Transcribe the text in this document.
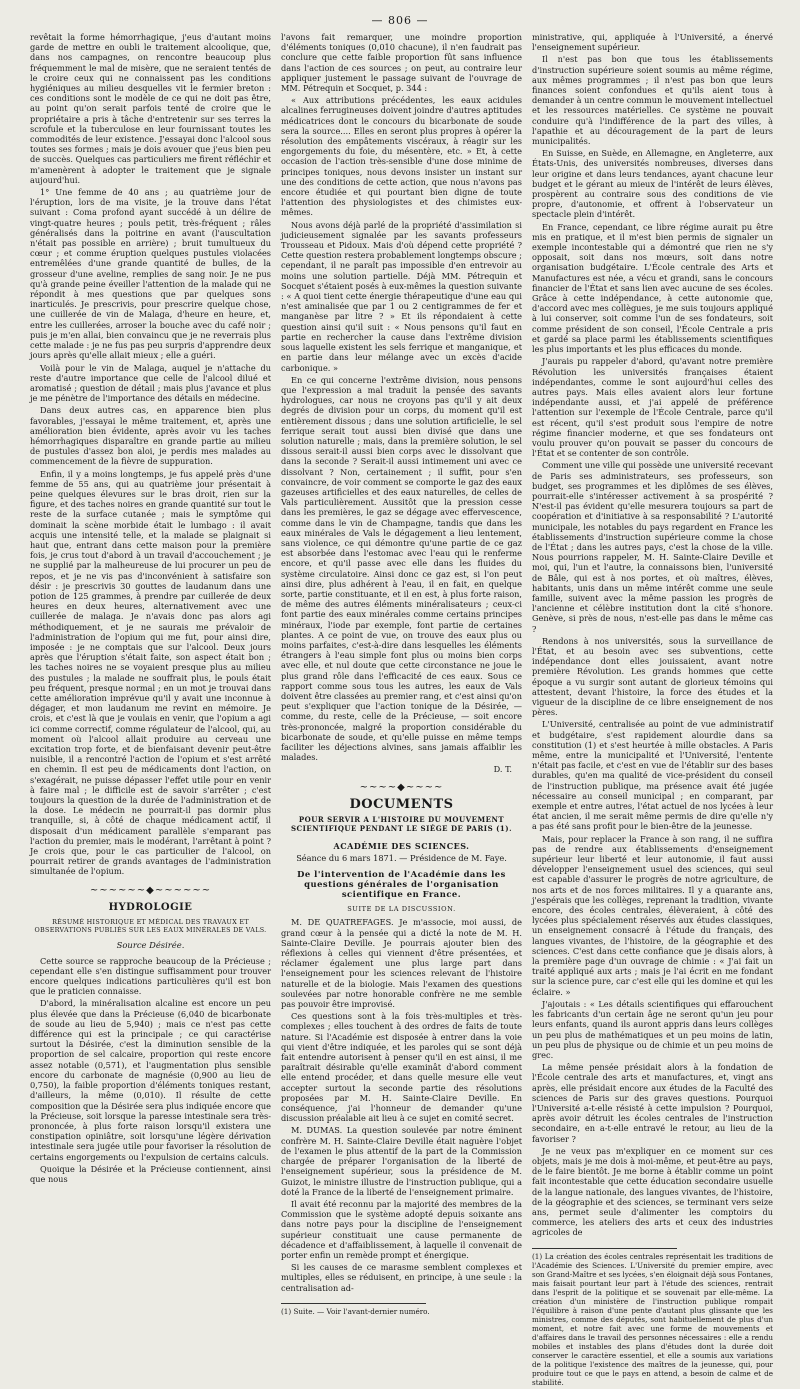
— 806 —

revêtait la forme hémorrhagique, j'eus d'autant moins garde de mettre en oubli le traitement alcoolique, que, dans nos campagnes, on rencontre beaucoup plus fréquemment le mal de misère, que ne seraient tentés de le croire ceux qui ne connaissent pas les conditions hygiéniques au milieu desquelles vit le fermier breton : ces conditions sont le modèle de ce qui ne doit pas être, au point qu'on serait parfois tenté de croire que le propriétaire a pris à tâche d'entretenir sur ses terres la scrofule et la tuberculose en leur fournissant toutes les commodités de leur existence. J'essayai donc l'alcool sous toutes ses formes ; mais je dois avouer que j'eus bien peu de succès. Quelques cas particuliers me firent réfléchir et m'amenèrent à adopter le traitement que je signale aujourd'hui.

1° Une femme de 40 ans ; au quatrième jour de l'éruption, lors de ma visite, je la trouve dans l'état suivant : Coma profond ayant succédé à un délire de vingt-quatre heures ; pouls petit, très-fréquent ; râles généralisés dans la poitrine en avant (l'auscultation n'était pas possible en arrière) ; bruit tumultueux du cœur ; et comme éruption quelques pustules violacées entremêlées d'une grande quantité de bulles, de la grosseur d'une aveline, remplies de sang noir. Je ne pus qu'à grande peine éveiller l'attention de la malade qui ne répondit à mes questions que par quelques sons inarticulés. Je prescrivis, pour prescrire quelque chose, une cuillerée de vin de Malaga, d'heure en heure, et, entre les cuillerées, arroser la bouche avec du café noir ; puis je m'en allai, bien convaincu que je ne reverrais plus cette malade : je ne fus pas peu surpris d'apprendre deux jours après qu'elle allait mieux ; elle a guéri.

Voilà pour le vin de Malaga, auquel je n'attache du reste d'autre importance que celle de l'alcool dilué et aromatisé ; question de détail ; mais plus j'avance et plus je me pénètre de l'importance des détails en médecine.

Dans deux autres cas, en apparence bien plus favorables, j'essayai le même traitement, et, après une amélioration bien évidente, après avoir vu les taches hémorrhagiques disparaître en grande partie au milieu de pustules d'assez bon aloi, je perdis mes malades au commencement de la fièvre de suppuration.

Enfin, il y a moins longtemps, je fus appelé près d'une femme de 55 ans, qui au quatrième jour présentait à peine quelques élevures sur le bras droit, rien sur la figure, et des taches noires en grande quantité sur tout le reste de la surface cutanée ; mais le symptôme qui dominait la scène morbide était le lumbago : il avait acquis une intensité telle, et la malade se plaignait si haut que, entrant dans cette maison pour la première fois, je crus tout d'abord à un travail d'accouchement ; je ne supplié par la malheureuse de lui procurer un peu de repos, et je ne vis pas d'inconvénient à satisfaire son désir : je prescrivis 30 gouttes de laudanum dans une potion de 125 grammes, à prendre par cuillerée de deux heures en deux heures, alternativement avec une cuillerée de malaga. Je n'avais donc pas alors agi méthodiquement, et je ne saurais me prévaloir de l'administration de l'opium qui me fut, pour ainsi dire, imposée : je ne comptais que sur l'alcool. Deux jours après que l'éruption s'était faite, son aspect était bon ; les taches noires ne se voyaient presque plus au milieu des pustules ; la malade ne souffrait plus, le pouls était peu fréquent, presque normal ; en un mot je trouvai dans cette amélioration imprévue qu'il y avait une inconnue à dégager, et mon laudanum me revint en mémoire. Je crois, et c'est là que je voulais en venir, que l'opium a agi ici comme correctif, comme régulateur de l'alcool, qui, au moment où l'alcool allait produire au cerveau une excitation trop forte, et de bienfaisant devenir peut-être nuisible, il a rencontré l'action de l'opium et s'est arrêté en chemin. Il est peu de médicaments dont l'action, on s'exagérait, ne puisse dépasser l'effet utile pour en venir à faire mal ; le difficile est de savoir s'arrêter ; c'est toujours la question de la durée de l'administration et de la dose. Le médecin ne pourrait-il pas dormir plus tranquille, si, à côté de chaque médicament actif, il disposait d'un médicament parallèle s'emparant pas l'action du premier, mais le modérant, l'arrêtant à point ? Je crois que, pour le cas particulier de l'alcool, on pourrait retirer de grands avantages de l'administration simultanée de l'opium.

~~~~~~◆~~~~~~
HYDROLOGIE
RÉSUMÉ HISTORIQUE ET MÉDICAL DES TRAVAUX ET OBSERVATIONS PUBLIÉS SUR LES EAUX MINÉRALES DE VALS.
Source Désirée.

Cette source se rapproche beaucoup de la Précieuse ; cependant elle s'en distingue suffisamment pour trouver encore quelques indications particulières qu'il est bon que le praticien connaisse.

D'abord, la minéralisation alcaline est encore un peu plus élevée que dans la Précieuse (6,040 de bicarbonate de soude au lieu de 5,940) ; mais ce n'est pas cette différence qui est la principale ; ce qui caractérise surtout la Désirée, c'est la diminution sensible de la proportion de sel calcaire, proportion qui reste encore assez notable (0,571), et l'augmentation plus sensible encore du carbonate de magnésie (0,900 au lieu de 0,750), la faible proportion d'éléments toniques restant, d'ailleurs, la même (0,010). Il résulte de cette composition que la Désirée sera plus indiquée encore que la Précieuse, soit lorsque la paresse intestinale sera très-prononcée, à plus forte raison lorsqu'il existera une constipation opiniâtre, soit lorsqu'une légère dérivation intestinale sera jugée utile pour favoriser la résolution de certains engorgements ou l'expulsion de certains calculs.

Quoique la Désirée et la Précieuse contiennent, ainsi que nous

l'avons fait remarquer, une moindre proportion d'éléments toniques (0,010 chacune), il n'en faudrait pas conclure que cette faible proportion fût sans influence dans l'action de ces sources ; on peut, au contraire leur appliquer justement le passage suivant de l'ouvrage de MM. Pétrequin et Socquet, p. 344 :

« Aux attributions précédentes, les eaux acidules alcalines ferrugineuses doivent joindre d'autres aptitudes médicatrices dont le concours du bicarbonate de soude sera la source.... Elles en seront plus propres à opérer la résolution des empâtements viscéraux, à réagir sur les engorgements du foie, du mésentère, etc. » Et, à cette occasion de l'action très-sensible d'une dose minime de principes toniques, nous devons insister un instant sur une des conditions de cette action, que nous n'avons pas encore étudiée et qui pourtant bien digne de toute l'attention des physiologistes et des chimistes eux-mêmes.

Nous avons déjà parlé de la propriété d'assimilation si judicieusement signalée par les savants professeurs Trousseau et Pidoux. Mais d'où dépend cette propriété ? Cette question restera probablement longtemps obscure ; cependant, il ne paraît pas impossible d'en entrevoir au moins une solution partielle. Déjà MM. Pétrequin et Socquet s'étaient posés à eux-mêmes la question suivante : « A quoi tient cette énergie thérapeutique d'une eau qui n'est aminalisée que par 1 ou 2 centigrammes de fer et manganèse par litre ? » Et ils répondaient à cette question ainsi qu'il suit : « Nous pensons qu'il faut en partie en rechercher la cause dans l'extrême division sous laquelle existent les sels ferrique et manganique, et en partie dans leur mélange avec un excès d'acide carbonique. »

En ce qui concerne l'extrême division, nous pensons que l'expression a mal traduit la pensée des savants hydrologues, car nous ne croyons pas qu'il y ait deux degrés de division pour un corps, du moment qu'il est entièrement dissous ; dans une solution artificielle, le sel ferrique serait tout aussi bien divisé que dans une solution naturelle ; mais, dans la première solution, le sel dissous serait-il aussi bien corps avec le dissolvant que dans la seconde ? Serait-il aussi intimement uni avec ce dissolvant ? Non, certainement ; il suffit, pour s'en convaincre, de voir comment se comporte le gaz des eaux gazeuses artificielles et des eaux naturelles, de celles de Vals particulièrement. Aussitôt que la pression cesse dans les premières, le gaz se dégage avec effervescence, comme dans le vin de Champagne, tandis que dans les eaux minérales de Vals le dégagement a lieu lentement, sans violence, ce qui démontre qu'une partie de ce gaz est absorbée dans l'estomac avec l'eau qui le renferme encore, et qu'il passe avec elle dans les fluides du système circulatoire. Ainsi donc ce gaz est, si l'on peut ainsi dire, plus adhérent à l'eau, il en fait, en quelque sorte, partie constituante, et il en est, à plus forte raison, de même des autres éléments minéralisateurs ; ceux-ci font partie des eaux minérales comme certains principes minéraux, l'iode par exemple, font partie de certaines plantes. A ce point de vue, on trouve des eaux plus ou moins parfaites, c'est-à-dire dans lesquelles les éléments étrangers à l'eau simple font plus ou moins bien corps avec elle, et nul doute que cette circonstance ne joue le plus grand rôle dans l'efficacité de ces eaux. Sous ce rapport comme sous tous les autres, les eaux de Vals doivent être classées au premier rang, et c'est ainsi qu'on peut s'expliquer que l'action tonique de la Désirée, — comme, du reste, celle de la Précieuse, — soit encore très-prononcée, malgré la proportion considérable du bicarbonate de soude, et qu'elle puisse en même temps faciliter les déjections alvines, sans jamais affaiblir les malades.

D. T.
~~~~◆~~~~
DOCUMENTS
POUR SERVIR A L'HISTOIRE DU MOUVEMENT SCIENTIFIQUE PENDANT LE SIÉGE DE PARIS (1).
ACADÉMIE DES SCIENCES.
Séance du 6 mars 1871. — Présidence de M. Faye.
De l'intervention de l'Académie dans les questions générales de l'organisation scientifique en France.
SUITE DE LA DISCUSSION.

M. DE QUATREFAGES. Je m'associe, moi aussi, de grand cœur à la pensée qui a dicté la note de M. H. Sainte-Claire Deville. Je pourrais ajouter bien des réflexions à celles qui viennent d'être présentées, et réclamer également une plus large part dans l'enseignement pour les sciences relevant de l'histoire naturelle et de la biologie. Mais l'examen des questions soulevées par notre honorable confrère ne me semble pas pouvoir être improvisé.

Ces questions sont à la fois très-multiples et très-complexes ; elles touchent à des ordres de faits de toute nature. Si l'Académie est disposée à entrer dans la voie qui vient d'être indiquée, et les paroles qui se sont déjà fait entendre autorisent à penser qu'il en est ainsi, il me paraîtrait désirable qu'elle examinât d'abord comment elle entend procéder, et dans quelle mesure elle veut accepter surtout la seconde partie des résolutions proposées par M. H. Sainte-Claire Deville. En conséquence, j'ai l'honneur de demander qu'une discussion préalable ait lieu à ce sujet en comité secret.

M. DUMAS. La question soulevée par notre éminent confrère M. H. Sainte-Claire Deville était naguère l'objet de l'examen le plus attentif de la part de la Commission chargée de préparer l'organisation de la liberté de l'enseignement supérieur, sous la présidence de M. Guizot, le ministre illustre de l'instruction publique, qui a doté la France de la liberté de l'enseignement primaire.

Il avait été reconnu par la majorité des membres de la Commission que le système adopté depuis soixante ans dans notre pays pour la discipline de l'enseignement supérieur constituait une cause permanente de décadence et d'affaiblissement, à laquelle il convenait de porter enfin un remède prompt et énergique.

Si les causes de ce marasme semblent complexes et multiples, elles se réduisent, en principe, à une seule : la centralisation ad-

(1) Suite. — Voir l'avant-dernier numéro.

ministrative, qui, appliquée à l'Université, a énervé l'enseignement supérieur.

Il n'est pas bon que tous les établissements d'instruction supérieure soient soumis au même régime, aux mêmes programmes ; il n'est pas bon que leurs finances soient confondues et qu'ils aient tous à demander à un centre commun le mouvement intellectuel et les ressources matérielles. Ce système ne pouvait conduire qu'à l'indifférence de la part des villes, à l'apathie et au découragement de la part de leurs municipalités.

En Suisse, en Suède, en Allemagne, en Angleterre, aux États-Unis, des universités nombreuses, diverses dans leur origine et dans leurs tendances, ayant chacune leur budget et le gérant au mieux de l'intérêt de leurs élèves, prospèrent au contraire sous des conditions de vie propre, d'autonomie, et offrent à l'observateur un spectacle plein d'intérêt.

En France, cependant, ce libre régime aurait pu être mis en pratique, et il m'est bien permis de signaler un exemple incontestable qui a démontré que rien ne s'y opposait, soit dans nos mœurs, soit dans notre organisation budgétaire. L'École centrale des Arts et Manufactures est née, a vécu et grandi, sans le concours financier de l'État et sans lien avec aucune de ses écoles. Grâce à cette indépendance, à cette autonomie que, d'accord avec mes collègues, je me suis toujours appliqué à lui conserver, soit comme l'un de ses fondateurs, soit comme président de son conseil, l'École Centrale a pris et gardé sa place parmi les établissements scientifiques les plus importants et les plus efficaces du monde.

J'aurais pu rappeler d'abord, qu'avant notre première Révolution les universités françaises étaient indépendantes, comme le sont aujourd'hui celles des autres pays. Mais elles avaient alors leur fortune indépendante aussi, et j'ai appelé de préférence l'attention sur l'exemple de l'École Centrale, parce qu'il est récent, qu'il s'est produit sous l'empire de notre régime financier moderne, et que ses fondateurs ont voulu prouver qu'on pouvait se passer du concours de l'État et se contenter de son contrôle.

Comment une ville qui possède une université recevant de Paris ses administrateurs, ses professeurs, son budget, ses programmes et les diplômes de ses élèves, pourrait-elle s'intéresser activement à sa prospérité ? N'est-il pas évident qu'elle mesurera toujours sa part de coopération et d'initiative à sa responsabilité ? L'autorité municipale, les notables du pays regardent en France les établissements d'instruction supérieure comme la chose de l'État ; dans les autres pays, c'est la chose de la ville. Nous pourrions rappeler, M. H. Sainte-Claire Deville et moi, qui, l'un et l'autre, la connaissons bien, l'université de Bâle, qui est à nos portes, et où maîtres, élèves, habitants, unis dans un même intérêt comme une seule famille, suivent avec la même passion les progrès de l'ancienne et célèbre institution dont la cité s'honore. Genève, si près de nous, n'est-elle pas dans le même cas ?

Rendons à nos universités, sous la surveillance de l'État, et au besoin avec ses subventions, cette indépendance dont elles jouissaient, avant notre première Révolution. Les grands hommes que cette époque a vu surgir sont autant de glorieux témoins qui attestent, devant l'histoire, la force des études et la vigueur de la discipline de ce libre enseignement de nos pères.

L'Université, centralisée au point de vue administratif et budgétaire, s'est rapidement alourdie dans sa constitution (1) et s'est heurtée à mille obstacles. A Paris même, entre la municipalité et l'Université, l'entente n'était pas facile, et c'est en vue de l'établir sur des bases durables, qu'en ma qualité de vice-président du conseil de l'instruction publique, ma présence avait été jugée nécessaire au conseil municipal ; en comparant, par exemple et entre autres, l'état actuel de nos lycées à leur état ancien, il me serait même permis de dire qu'elle n'y a pas été sans profit pour le bien-être de la jeunesse.

Mais, pour replacer la France à son rang, il ne suffira pas de rendre aux établissements d'enseignement supérieur leur liberté et leur autonomie, il faut aussi développer l'enseignement usuel des sciences, qui seul est capable d'assurer le progrès de notre agriculture, de nos arts et de nos forces militaires. Il y a quarante ans, j'espérais que les collèges, reprenant la tradition, vivante encore, des écoles centrales, élèveraient, à côté des lycées plus spécialement réservés aux études classiques, un enseignement consacré à l'étude du français, des langues vivantes, de l'histoire, de la géographie et des sciences. C'est dans cette confiance que je disais alors, à la première page d'un ouvrage de chimie : « J'ai fait un traité appliqué aux arts ; mais je l'ai écrit en me fondant sur la science pure, car c'est elle qui les domine et qui les éclaire. »

J'ajoutais : « Les détails scientifiques qui effarouchent les fabricants d'un certain âge ne seront qu'un jeu pour leurs enfants, quand ils auront appris dans leurs collèges un peu plus de mathématiques et un peu moins de latin, un peu plus de physique ou de chimie et un peu moins de grec.

La même pensée présidait alors à la fondation de l'École centrale des arts et manufactures, et, vingt ans après, elle présidait encore aux études de la Faculté des sciences de Paris sur des graves questions. Pourquoi l'Université a-t-elle résisté à cette impulsion ? Pourquoi, après avoir détruit les écoles centrales de l'instruction secondaire, en a-t-elle entravé le retour, au lieu de la favoriser ?

Je ne veux pas m'expliquer en ce moment sur ces objets, mais je me dois à moi-même, et peut-être au pays, de le faire bientôt. Je me borne à établir comme un point fait incontestable que cette éducation secondaire usuelle de la langue nationale, des langues vivantes, de l'histoire, de la géographie et des sciences, se terminant vers seize ans, permet seule d'alimenter les comptoirs du commerce, les ateliers des arts et ceux des industries agricoles de

(1) La création des écoles centrales représentait les traditions de l'Académie des Sciences. L'Université du premier empire, avec son Grand-Maître et ses lycées, s'en éloignait déjà sous Fontanes, mais faisait pourtant leur part à l'étude des sciences, rentrait dans l'esprit de la politique et se souvenait par elle-même. La création d'un ministère de l'instruction publique rompait l'équilibre à raison d'une pente d'autant plus glissante que les ministres, comme des députés, sont habituellement de plus d'un moment, et notre fait avec une forme de mouvements et d'affaires dans le travail des personnes nécessaires : elle a rendu mobiles et instables des plans d'études dont la durée doit conserver le caractère essentiel, et elle a soumis aux variations de la politique l'existence des maîtres de la jeunesse, qui, pour produire tout ce que le pays en attend, a besoin de calme et de stabilité.
